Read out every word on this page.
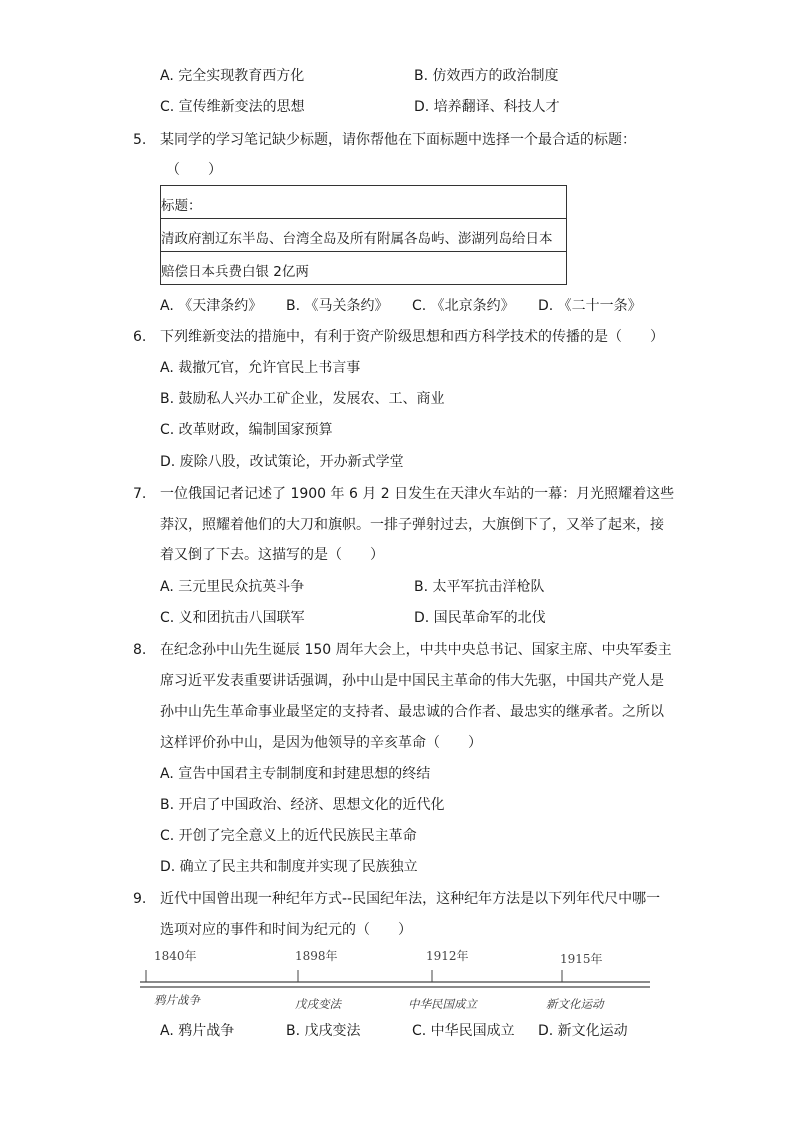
A. 完全实现教育西方化	B. 仿效西方的政治制度
C. 宣传维新变法的思想	D. 培养翻译、科技人才
5. 某同学的学习笔记缺少标题，请你帮他在下面标题中选择一个最合适的标题：
（　　）
标题：
清政府割辽东半岛、台湾全岛及所有附属各岛屿、澎湖列岛给日本
赔偿日本兵费白银 2亿两
A. 《天津条约》 B. 《马关条约》 C. 《北京条约》 D. 《二十一条》
6. 下列维新变法的措施中，有利于资产阶级思想和西方科学技术的传播的是（　　）
A. 裁撤冗官，允许官民上书言事
B. 鼓励私人兴办工矿企业，发展农、工、商业
C. 改革财政，编制国家预算
D. 废除八股，改试策论，开办新式学堂
7. 一位俄国记者记述了 1900 年 6 月 2 日发生在天津火车站的一幕：月光照耀着这些
莽汉，照耀着他们的大刀和旗帜。一排子弹射过去，大旗倒下了，又举了起来，接
着又倒了下去。这描写的是（　　）
A. 三元里民众抗英斗争	B. 太平军抗击洋枪队
C. 义和团抗击八国联军	D. 国民革命军的北伐
8. 在纪念孙中山先生诞辰 150 周年大会上，中共中央总书记、国家主席、中央军委主
席习近平发表重要讲话强调，孙中山是中国民主革命的伟大先驱，中国共产党人是
孙中山先生革命事业最坚定的支持者、最忠诚的合作者、最忠实的继承者。之所以
这样评价孙中山，是因为他领导的辛亥革命（　　）
A. 宣告中国君主专制制度和封建思想的终结
B. 开启了中国政治、经济、思想文化的近代化
C. 开创了完全意义上的近代民族民主革命
D. 确立了民主共和制度并实现了民族独立
9. 近代中国曾出现一种纪年方式--民国纪年法，这种纪年方法是以下列年代尺中哪一
选项对应的事件和时间为纪元的（　　）
1840年	1898年	1912年	1915年
鸦片战争	戊戌变法	中华民国成立	新文化运动
A. 鸦片战争	B. 戊戌变法	C. 中华民国成立 D. 新文化运动
